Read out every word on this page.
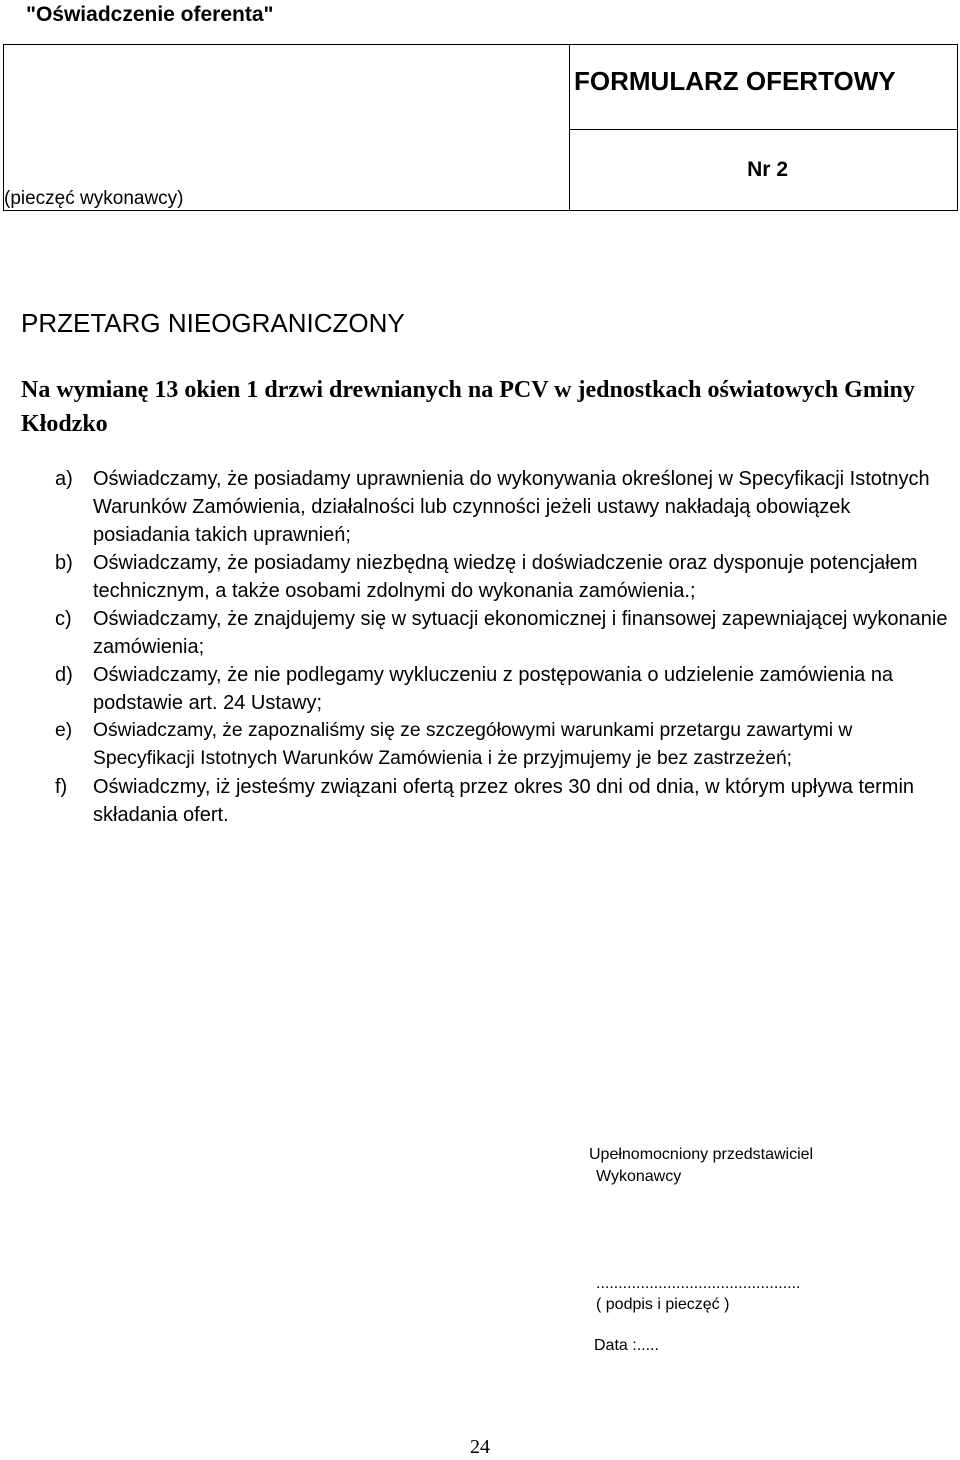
"Oświadczenie oferenta"
(pieczęć wykonawcy)
FORMULARZ OFERTOWY
Nr 2
PRZETARG NIEOGRANICZONY
Na wymianę 13 okien 1 drzwi drewnianych na PCV w jednostkach oświatowych Gminy Kłodzko
a) Oświadczamy, że posiadamy uprawnienia do wykonywania określonej w Specyfikacji Istotnych Warunków Zamówienia, działalności lub czynności jeżeli ustawy nakładają obowiązek posiadania takich uprawnień;
b) Oświadczamy, że posiadamy niezbędną wiedzę i doświadczenie oraz dysponuje potencjałem technicznym, a także osobami zdolnymi do wykonania zamówienia.;
c) Oświadczamy, że znajdujemy się w sytuacji ekonomicznej i finansowej zapewniającej wykonanie zamówienia;
d) Oświadczamy, że nie podlegamy wykluczeniu z postępowania o udzielenie zamówienia na podstawie art. 24 Ustawy;
e) Oświadczamy, że zapoznaliśmy się ze szczegółowymi warunkami przetargu zawartymi w Specyfikacji Istotnych Warunków Zamówienia i że przyjmujemy je bez zastrzeżeń;
f) Oświadczmy, iż jesteśmy związani ofertą przez okres 30 dni od dnia, w którym upływa termin składania ofert.
Upełnomocniony przedstawiciel
Wykonawcy
..............................................
( podpis i pieczęć )
Data :.....
24
